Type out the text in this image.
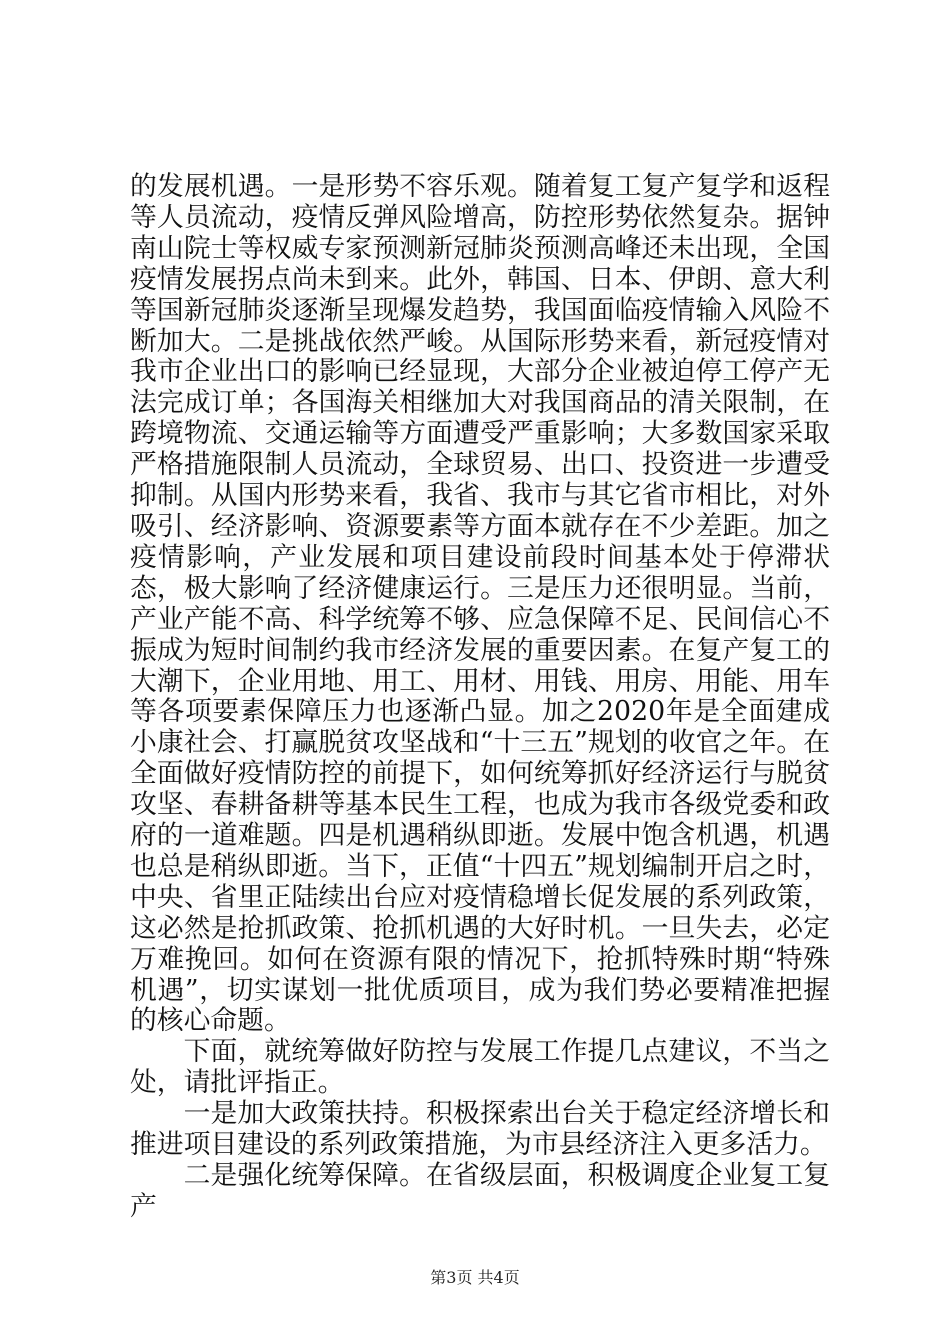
的发展机遇。一是形势不容乐观。随着复工复产复学和返程等人员流动，疫情反弹风险增高，防控形势依然复杂。据钟南山院士等权威专家预测新冠肺炎预测高峰还未出现，全国疫情发展拐点尚未到来。此外，韩国、日本、伊朗、意大利等国新冠肺炎逐渐呈现爆发趋势，我国面临疫情输入风险不断加大。二是挑战依然严峻。从国际形势来看，新冠疫情对我市企业出口的影响已经显现，大部分企业被迫停工停产无法完成订单；各国海关相继加大对我国商品的清关限制，在跨境物流、交通运输等方面遭受严重影响；大多数国家采取严格措施限制人员流动，全球贸易、出口、投资进一步遭受抑制。从国内形势来看，我省、我市与其它省市相比，对外吸引、经济影响、资源要素等方面本就存在不少差距。加之疫情影响，产业发展和项目建设前段时间基本处于停滞状态，极大影响了经济健康运行。三是压力还很明显。当前，产业产能不高、科学统筹不够、应急保障不足、民间信心不振成为短时间制约我市经济发展的重要因素。在复产复工的大潮下，企业用地、用工、用材、用钱、用房、用能、用车等各项要素保障压力也逐渐凸显。加之2020年是全面建成小康社会、打赢脱贫攻坚战和“十三五”规划的收官之年。在全面做好疫情防控的前提下，如何统筹抓好经济运行与脱贫攻坚、春耕备耕等基本民生工程，也成为我市各级党委和政府的一道难题。四是机遇稍纵即逝。发展中饱含机遇，机遇也总是稍纵即逝。当下，正值“十四五”规划编制开启之时，中央、省里正陆续出台应对疫情稳增长促发展的系列政策，这必然是抢抓政策、抢抓机遇的大好时机。一旦失去，必定万难挽回。如何在资源有限的情况下，抢抓特殊时期“特殊机遇”，切实谋划一批优质项目，成为我们势必要精准把握的核心命题。

下面，就统筹做好防控与发展工作提几点建议，不当之处，请批评指正。

一是加大政策扶持。积极探索出台关于稳定经济增长和推进项目建设的系列政策措施，为市县经济注入更多活力。

二是强化统筹保障。在省级层面，积极调度企业复工复产

第3页 共4页
